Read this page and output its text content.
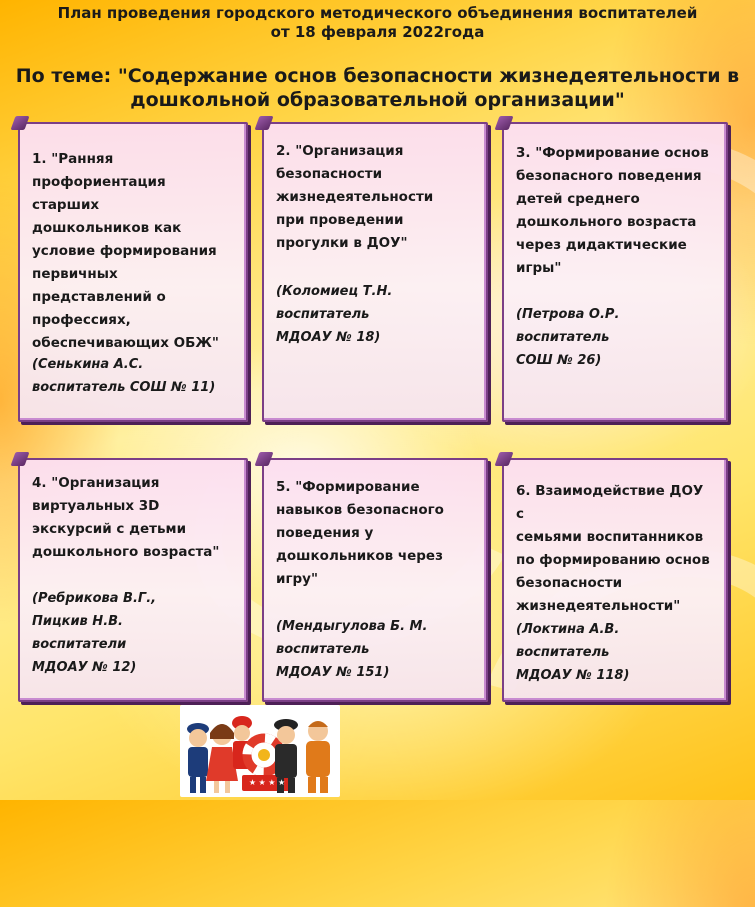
План проведения городского методического объединения воспитателей

от 18 февраля 2022года

По теме: "Содержание основ безопасности жизнедеятельности в
дошкольной образовательной организации"
1. "Ранняя
профориентация старших
дошкольников как
условие формирования
первичных
представлений о
профессиях,
обеспечивающих ОБЖ"
(Сенькина А.С.
воспитатель СОШ № 11)
2. "Организация
безопасности
жизнедеятельности
при проведении
прогулки в ДОУ"
(Коломиец Т.Н.
воспитатель
МДОАУ № 18)
3. "Формирование основ
безопасного поведения
детей среднего
дошкольного возраста
через дидактические
игры"
(Петрова О.Р.
воспитатель
СОШ № 26)
4. "Организация
виртуальных 3D
экскурсий с детьми
дошкольного возраста"
(Ребрикова В.Г.,
Пицкив Н.В.
воспитатели
МДОАУ № 12)
5. "Формирование
навыков безопасного
поведения у
дошкольников через
игру"
(Мендыгулова Б. М.
воспитатель
МДОАУ № 151)
6. Взаимодействие ДОУ с
семьями воспитанников
по формированию основ
безопасности
жизнедеятельности"
(Локтина А.В.
воспитатель
МДОАУ № 118)
★ ★ ★ ★
